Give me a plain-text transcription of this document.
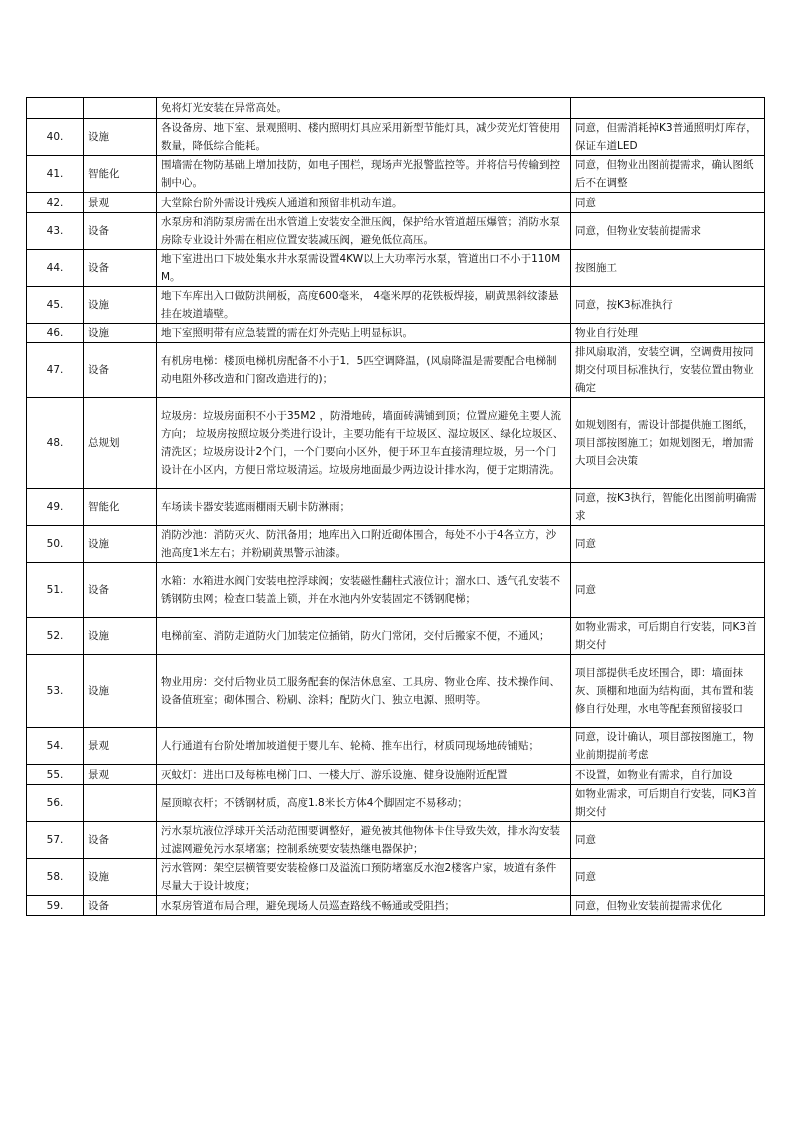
		免将灯光安装在异常高处。	
40.	设施	各设备房、地下室、景观照明、楼内照明灯具应采用新型节能灯具，减少荧光灯管使用数量，降低综合能耗。	同意，但需消耗掉K3普通照明灯库存，保证车道LED
41.	智能化	围墙需在物防基础上增加技防，如电子围栏，现场声光报警监控等。并将信号传输到控制中心。	同意，但物业出图前提需求，确认图纸后不在调整
42.	景观	大堂除台阶外需设计残疾人通道和预留非机动车道。	同意
43.	设备	水泵房和消防泵房需在出水管道上安装安全泄压阀，保护给水管道超压爆管；消防水泵房除专业设计外需在相应位置安装减压阀，避免低位高压。	同意，但物业安装前提需求
44.	设备	地下室进出口下坡处集水井水泵需设置4KW以上大功率污水泵，管道出口不小于110MM。	按图施工
45.	设施	地下车库出入口做防洪闸板，高度600毫米， 4毫米厚的花铁板焊接，刷黄黑斜纹漆悬挂在坡道墙壁。	同意，按K3标准执行
46.	设施	地下室照明带有应急装置的需在灯外壳贴上明显标识。	物业自行处理
47.	设备	有机房电梯：楼顶电梯机房配备不小于1．5匹空调降温，(风扇降温是需要配合电梯制动电阻外移改造和门窗改造进行的)；	排风扇取消，安装空调，空调费用按同期交付项目标准执行，安装位置由物业确定
48.	总规划	垃圾房：垃圾房面积不小于35M2 ，防滑地砖，墙面砖满铺到顶；位置应避免主要人流方向； 垃圾房按照垃圾分类进行设计，主要功能有干垃圾区、湿垃圾区、绿化垃圾区、清洗区；垃圾房设计2个门，一个门要向小区外，便于环卫车直接清理垃圾，另一个门设计在小区内，方便日常垃圾清运。垃圾房地面最少两边设计排水沟，便于定期清洗。	如规划图有，需设计部提供施工图纸，项目部按图施工；如规划图无，增加需大项目会决策
49.	智能化	车场读卡器安装遮雨棚雨天刷卡防淋雨；	同意，按K3执行，智能化出图前明确需求
50.	设施	消防沙池：消防灭火、防汛备用；地库出入口附近砌体围合，每处不小于4各立方，沙池高度1米左右；并粉刷黄黑警示油漆。	同意
51.	设备	水箱：水箱进水阀门安装电控浮球阀；安装磁性翻柱式液位计；溜水口、透气孔安装不锈钢防虫网；检查口装盖上锁，并在水池内外安装固定不锈钢爬梯；	同意
52.	设施	电梯前室、消防走道防火门加装定位插销，防火门常闭，交付后搬家不便，不通风；	如物业需求，可后期自行安装，同K3首期交付
53.	设施	物业用房：交付后物业员工服务配套的保洁休息室、工具房、物业仓库、技术操作间、设备值班室；砌体围合、粉刷、涂料；配防火门、独立电源、照明等。	项目部提供毛皮坯围合，即：墙面抹灰、顶棚和地面为结构面，其布置和装修自行处理，水电等配套预留接驳口
54.	景观	人行通道有台阶处增加坡道便于婴儿车、轮椅、推车出行，材质同现场地砖铺贴；	同意，设计确认，项目部按图施工，物业前期提前考虑
55.	景观	灭蚊灯：进出口及每栋电梯门口、一楼大厅、游乐设施、健身设施附近配置	不设置，如物业有需求，自行加设
56.		屋顶晾衣杆；不锈钢材质，高度1.8米长方体4个脚固定不易移动；	如物业需求，可后期自行安装，同K3首期交付
57.	设备	污水泵坑液位浮球开关活动范围要调整好，避免被其他物体卡住导致失效，排水沟安装过滤网避免污水泵堵塞；控制系统要安装热继电器保护；	同意
58.	设施	污水管网：架空层横管要安装检修口及溢流口预防堵塞反水泡2楼客户家，坡道有条件尽量大于设计坡度；	同意
59.	设备	水泵房管道布局合理，避免现场人员巡查路线不畅通或受阻挡；	同意，但物业安装前提需求优化
